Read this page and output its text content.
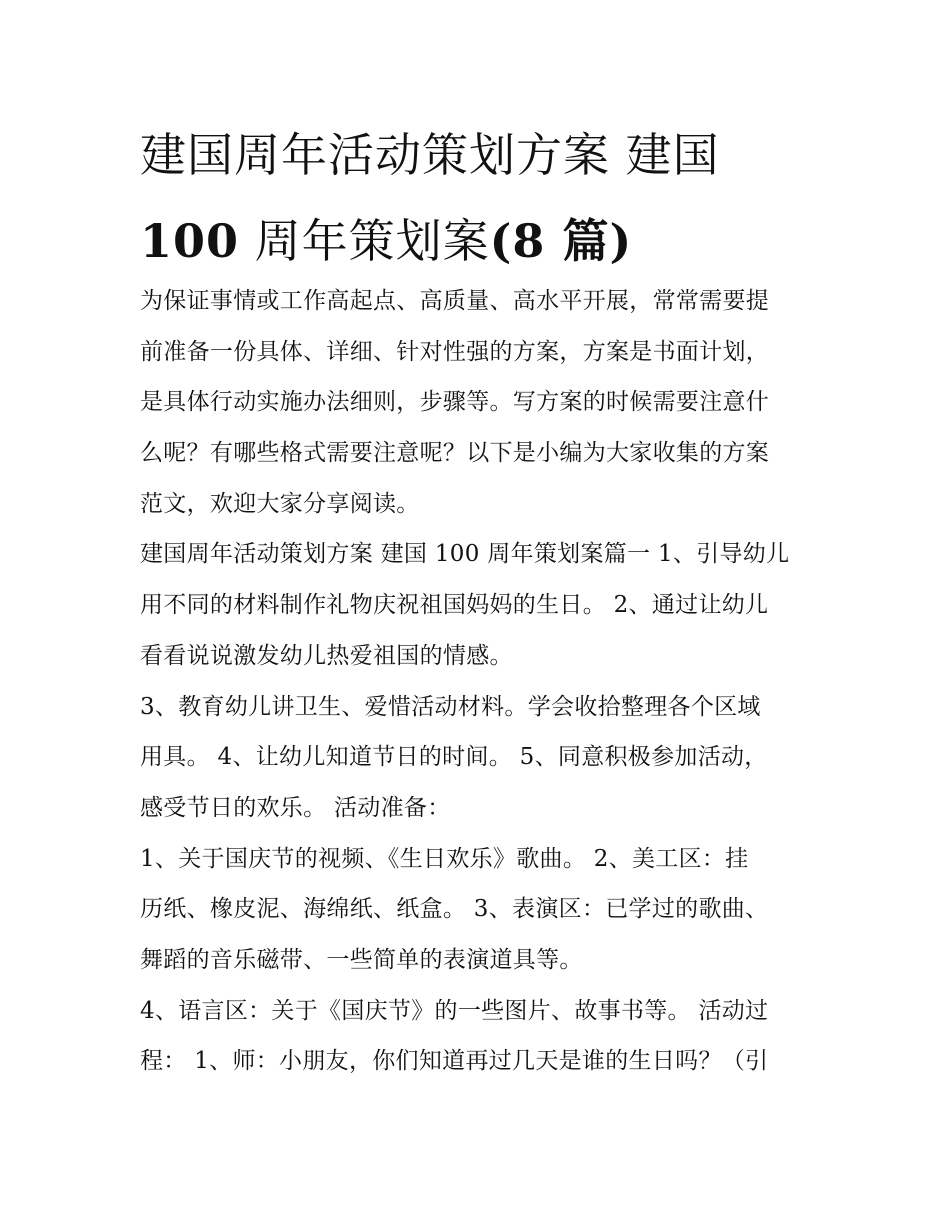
建国周年活动策划方案 建国
100 周年策划案(8 篇)
为保证事情或工作高起点、高质量、高水平开展，常常需要提
前准备一份具体、详细、针对性强的方案，方案是书面计划，
是具体行动实施办法细则，步骤等。写方案的时候需要注意什
么呢？有哪些格式需要注意呢？以下是小编为大家收集的方案
范文，欢迎大家分享阅读。
建国周年活动策划方案 建国 100 周年策划案篇一 1、引导幼儿
用不同的材料制作礼物庆祝祖国妈妈的生日。 2、通过让幼儿
看看说说激发幼儿热爱祖国的情感。
3、教育幼儿讲卫生、爱惜活动材料。学会收拾整理各个区域
用具。 4、让幼儿知道节日的时间。 5、同意积极参加活动，
感受节日的欢乐。 活动准备：
1、关于国庆节的视频、《生日欢乐》歌曲。 2、美工区：挂
历纸、橡皮泥、海绵纸、纸盒。 3、表演区：已学过的歌曲、
舞蹈的音乐磁带、一些简单的表演道具等。
4、语言区：关于《国庆节》的一些图片、故事书等。 活动过
程： 1、师：小朋友，你们知道再过几天是谁的生日吗？（引
